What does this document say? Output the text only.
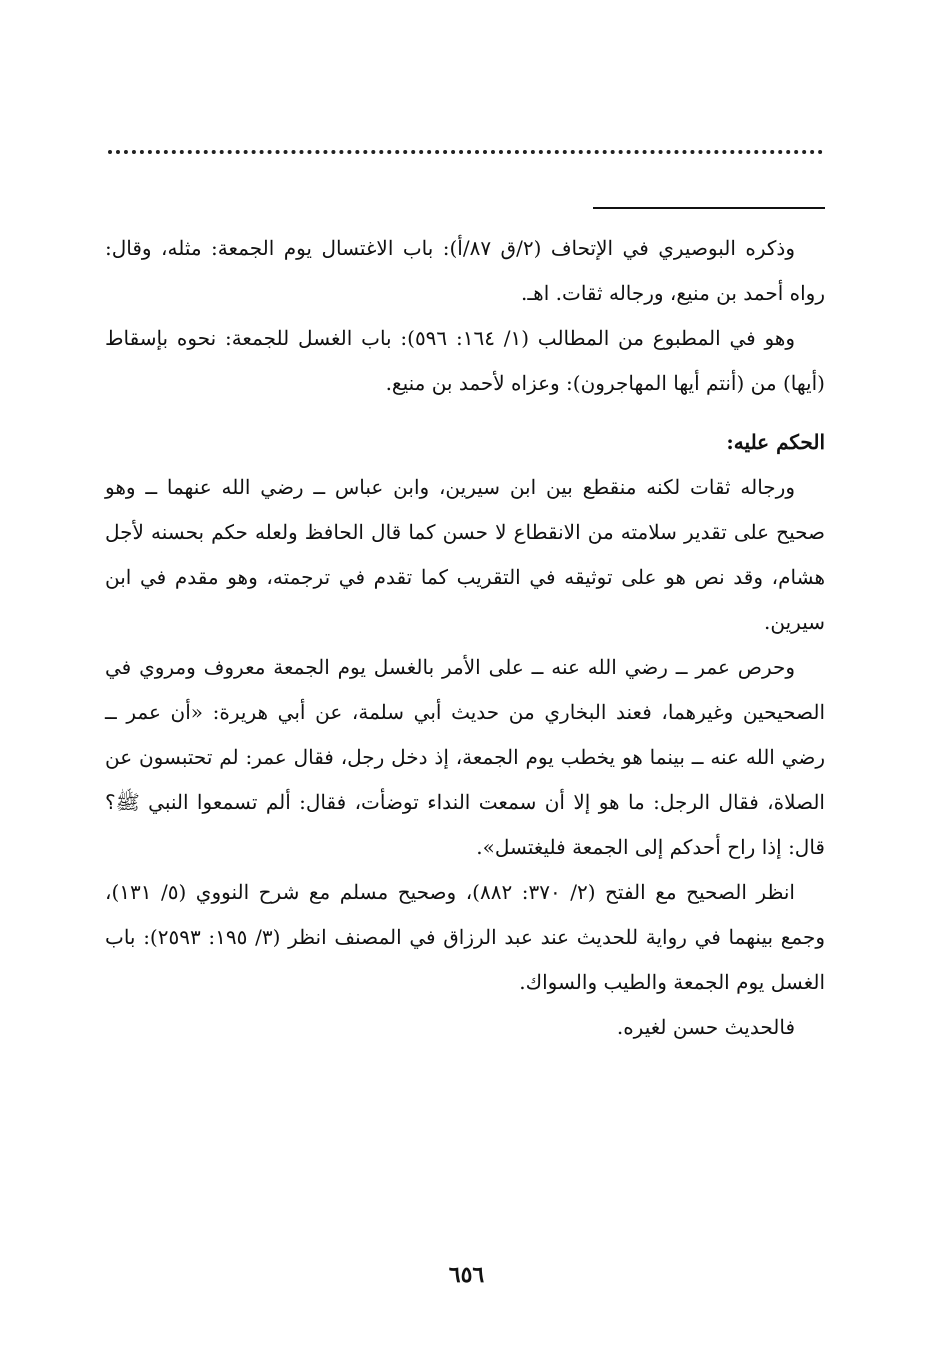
وذكره البوصيري في الإتحاف (٢/ق ٨٧/أ): باب الاغتسال يوم الجمعة: مثله، وقال: رواه أحمد بن منيع، ورجاله ثقات. اهـ.

وهو في المطبوع من المطالب (١/ ١٦٤: ٥٩٦): باب الغسل للجمعة: نحوه بإسقاط (أيها) من (أنتم أيها المهاجرون): وعزاه لأحمد بن منيع.

الحكم عليه:

ورجاله ثقات لكنه منقطع بين ابن سيرين، وابن عباس ــ رضي الله عنهما ــ وهو صحيح على تقدير سلامته من الانقطاع لا حسن كما قال الحافظ ولعله حكم بحسنه لأجل هشام، وقد نص هو على توثيقه في التقريب كما تقدم في ترجمته، وهو مقدم في ابن سيرين.

وحرص عمر ــ رضي الله عنه ــ على الأمر بالغسل يوم الجمعة معروف ومروي في الصحيحين وغيرهما، فعند البخاري من حديث أبي سلمة، عن أبي هريرة: «أن عمر ــ رضي الله عنه ــ بينما هو يخطب يوم الجمعة، إذ دخل رجل، فقال عمر: لم تحتبسون عن الصلاة، فقال الرجل: ما هو إلا أن سمعت النداء توضأت، فقال: ألم تسمعوا النبي ﷺ؟ قال: إذا راح أحدكم إلى الجمعة فليغتسل».

انظر الصحيح مع الفتح (٢/ ٣٧٠: ٨٨٢)، وصحيح مسلم مع شرح النووي (٥/ ١٣١)، وجمع بينهما في رواية للحديث عند عبد الرزاق في المصنف انظر (٣/ ١٩٥: ٢٥٩٣): باب الغسل يوم الجمعة والطيب والسواك.

فالحديث حسن لغيره.

٦٥٦
